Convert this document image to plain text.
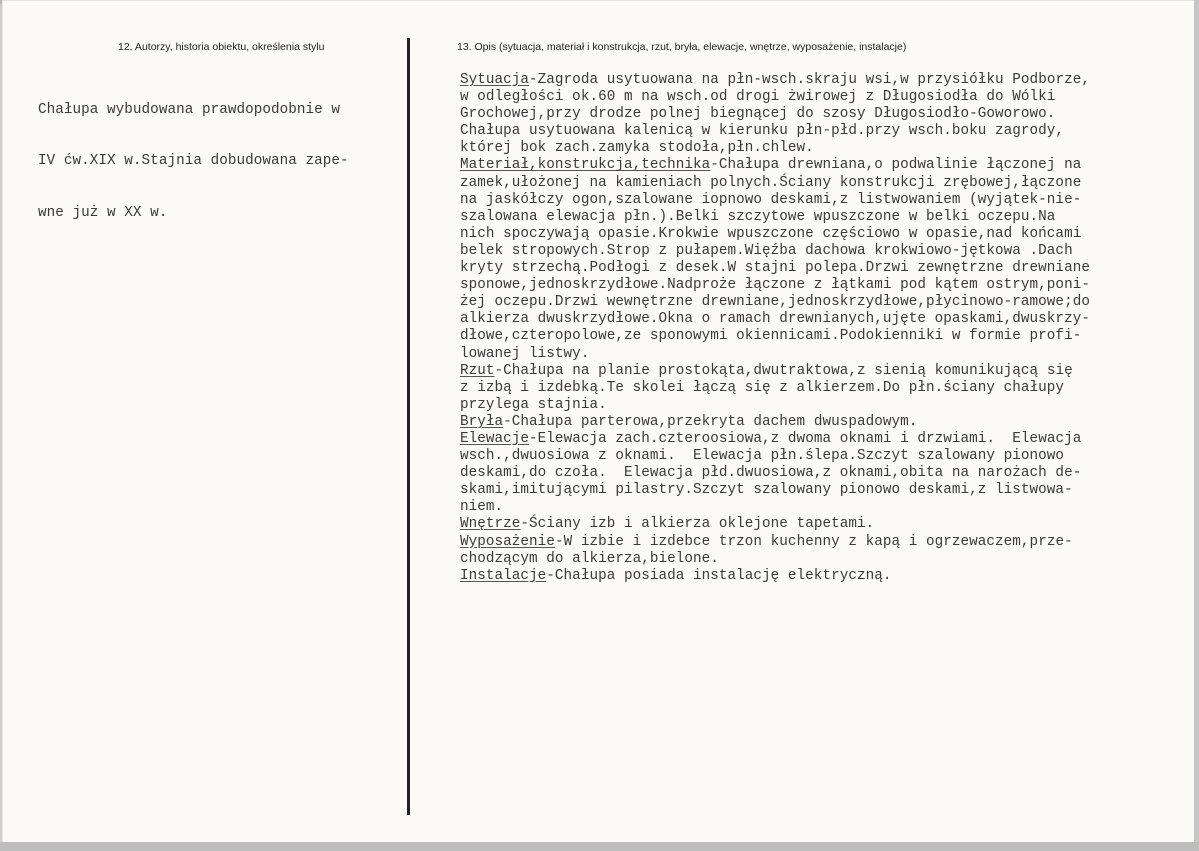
12. Autorzy, historia obiektu, określenia stylu	13. Opis (sytuacja, materiał i konstrukcja, rzut, bryła, elewacje, wnętrze, wyposażenie, instalacje)

Chałupa wybudowana prawdopodobnie w

IV ćw.XIX w.Stajnia dobudowana zape-

wne już w XX w.

Sytuacja-Zagroda usytuowana na płn-wsch.skraju wsi,w przysiółku Podborze,
w odległości ok.60 m na wsch.od drogi żwirowej z Długosiodła do Wólki
Grochowej,przy drodze polnej biegnącej do szosy Długosiodło-Goworowo.
Chałupa usytuowana kalenicą w kierunku płn-płd.przy wsch.boku zagrody,
której bok zach.zamyka stodoła,płn.chlew.
Materiał,konstrukcja,technika-Chałupa drewniana,o podwalinie łączonej na
zamek,ułożonej na kamieniach polnych.Ściany konstrukcji zrębowej,łączone
na jaskółczy ogon,szalowane iopnowo deskami,z listwowaniem (wyjątek-nie-
szalowana elewacja płn.).Belki szczytowe wpuszczone w belki oczepu.Na
nich spoczywają opasie.Krokwie wpuszczone częściowo w opasie,nad końcami
belek stropowych.Strop z pułapem.Więźba dachowa krokwiowo-jętkowa .Dach
kryty strzechą.Podłogi z desek.W stajni polepa.Drzwi zewnętrzne drewniane
sponowe,jednoskrzydłowe.Nadproże łączone z łątkami pod kątem ostrym,poni-
żej oczepu.Drzwi wewnętrzne drewniane,jednoskrzydłowe,płycinowo-ramowe;do
alkierza dwuskrzydłowe.Okna o ramach drewnianych,ujęte opaskami,dwuskrzy-
dłowe,czteropolowe,ze sponowymi okiennicami.Podokienniki w formie profi-
lowanej listwy.
Rzut-Chałupa na planie prostokąta,dwutraktowa,z sienią komunikującą się
z izbą i izdebką.Te skolei łączą się z alkierzem.Do płn.ściany chałupy
przylega stajnia.
Bryła-Chałupa parterowa,przekryta dachem dwuspadowym.
Elewacje-Elewacja zach.czteroosiowa,z dwoma oknami i drzwiami.  Elewacja
wsch.,dwuosiowa z oknami.  Elewacja płn.ślepa.Szczyt szalowany pionowo
deskami,do czoła.  Elewacja płd.dwuosiowa,z oknami,obita na narożach de-
skami,imitującymi pilastry.Szczyt szalowany pionowo deskami,z listwowa-
niem.
Wnętrze-Ściany izb i alkierza oklejone tapetami.
Wyposażenie-W izbie i izdebce trzon kuchenny z kapą i ogrzewaczem,prze-
chodzącym do alkierza,bielone.
Instalacje-Chałupa posiada instalację elektryczną.
